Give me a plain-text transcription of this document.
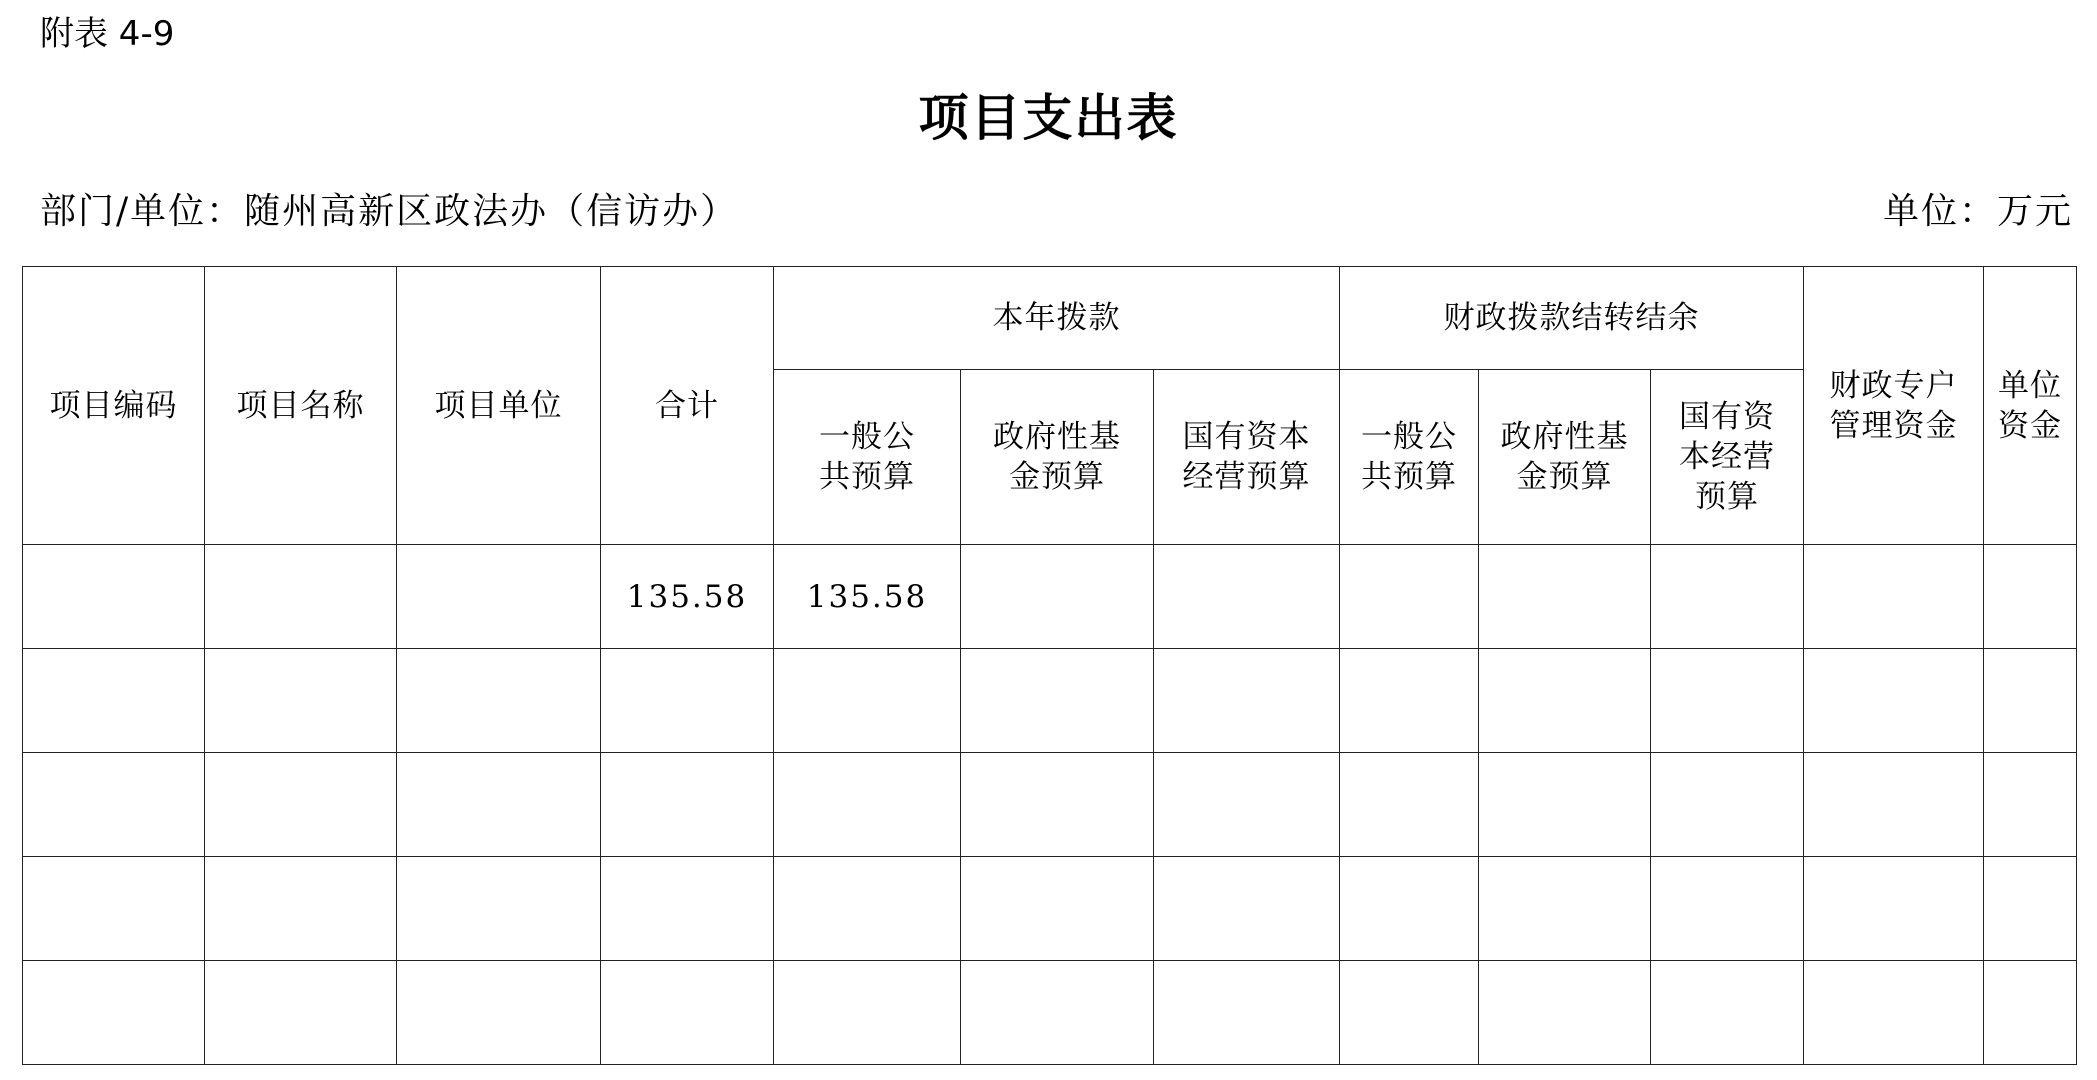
附表 4-9
项目支出表
部门/单位：随州高新区政法办（信访办）	单位：万元
项目编码	项目名称	项目单位	合计	本年拨款			财政拨款结转结余			财政专户管理资金	单位资金

				一般公共预算	政府性基金预算	国有资本经营预算	一般公共预算	政府性基金预算	国有资本经营预算		

			135.58	135.58							
